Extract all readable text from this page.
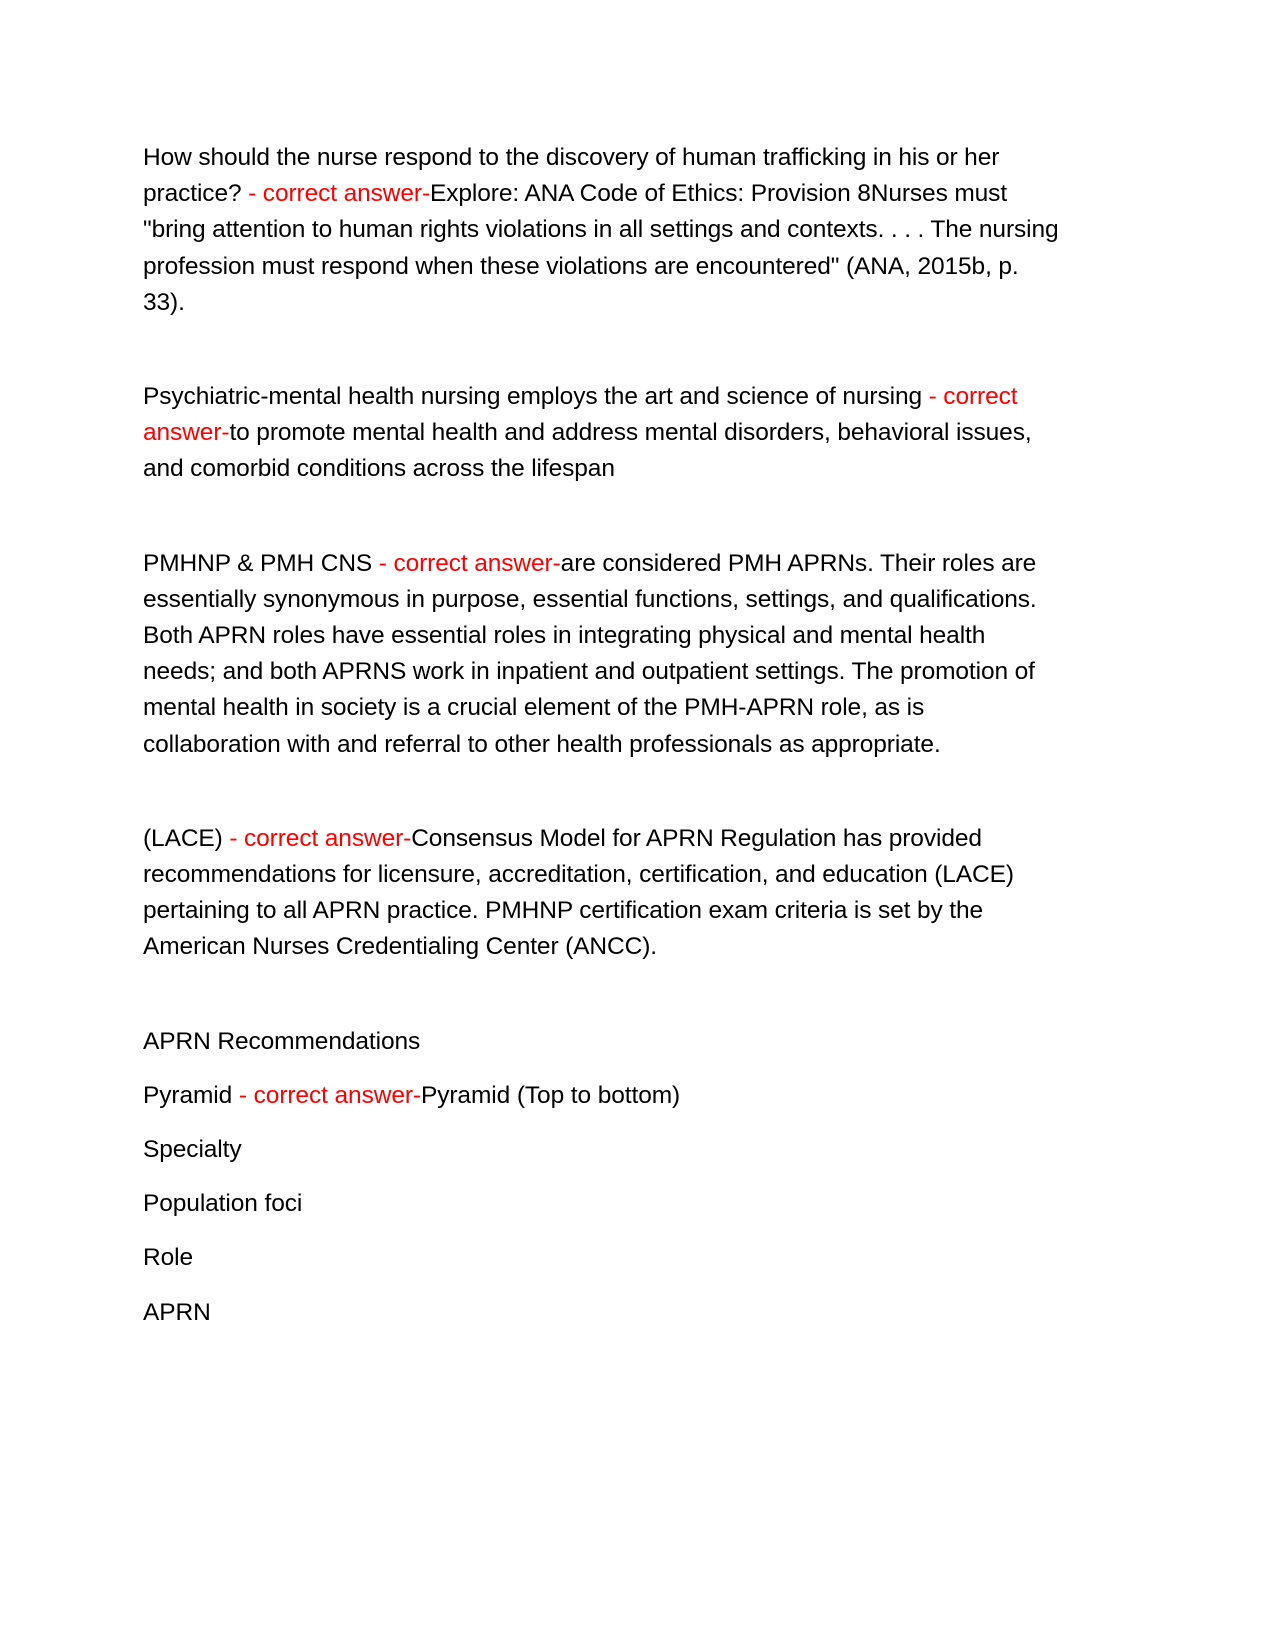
How should the nurse respond to the discovery of human trafficking in his or her practice? - correct answer-Explore: ANA Code of Ethics: Provision 8Nurses must "bring attention to human rights violations in all settings and contexts. . . . The nursing profession must respond when these violations are encountered" (ANA, 2015b, p. 33).

Psychiatric-mental health nursing employs the art and science of nursing - correct answer-to promote mental health and address mental disorders, behavioral issues, and comorbid conditions across the lifespan

PMHNP & PMH CNS - correct answer-are considered PMH APRNs. Their roles are essentially synonymous in purpose, essential functions, settings, and qualifications. Both APRN roles have essential roles in integrating physical and mental health needs; and both APRNS work in inpatient and outpatient settings. The promotion of mental health in society is a crucial element of the PMH-APRN role, as is collaboration with and referral to other health professionals as appropriate.

(LACE) - correct answer-Consensus Model for APRN Regulation has provided recommendations for licensure, accreditation, certification, and education (LACE) pertaining to all APRN practice. PMHNP certification exam criteria is set by the American Nurses Credentialing Center (ANCC).

APRN Recommendations

Pyramid - correct answer-Pyramid (Top to bottom)

Specialty

Population foci

Role

APRN
